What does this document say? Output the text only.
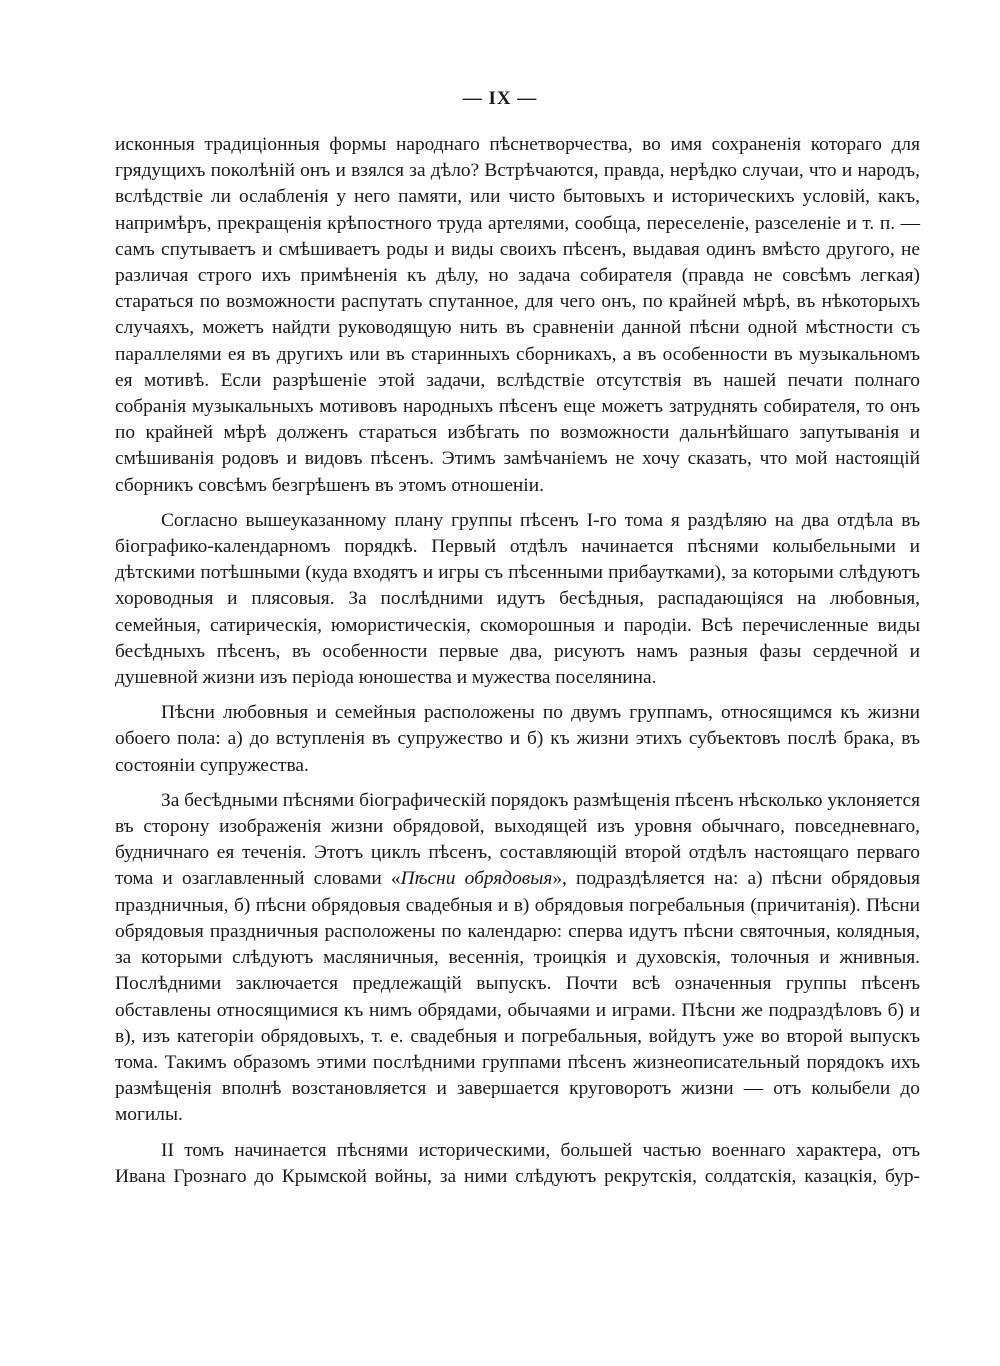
— IX —

исконныя традиціонныя формы народнаго пѣснетворчества, во имя сохраненія котораго для грядущихъ поколѣній онъ и взялся за дѣло? Встрѣчаются, правда, нерѣдко случаи, что и народъ, вслѣдствіе ли ослабленія у него памяти, или чисто бытовыхъ и историческихъ условій, какъ, напримѣръ, прекращенія крѣпостного труда артелями, сообща, переселеніе, разселеніе и т. п. — самъ спутываетъ и смѣшиваетъ роды и виды своихъ пѣсенъ, выдавая одинъ вмѣсто другого, не различая строго ихъ примѣненія къ дѣлу, но задача собирателя (правда не совсѣмъ легкая) стараться по возможности распутать спутанное, для чего онъ, по крайней мѣрѣ, въ нѣкоторыхъ случаяхъ, можетъ найдти руководящую нить въ сравненіи данной пѣсни одной мѣстности съ параллелями ея въ другихъ или въ старинныхъ сборникахъ, а въ особенности въ музыкальномъ ея мотивѣ. Если разрѣшеніе этой задачи, вслѣдствіе отсутствія въ нашей печати полнаго собранія музыкальныхъ мотивовъ народныхъ пѣсенъ еще можетъ затруднять собирателя, то онъ по крайней мѣрѣ долженъ стараться избѣгать по возможности дальнѣйшаго запутыванія и смѣшиванія родовъ и видовъ пѣсенъ. Этимъ замѣчаніемъ не хочу сказать, что мой настоящій сборникъ совсѣмъ безгрѣшенъ въ этомъ отношеніи.

Согласно вышеуказанному плану группы пѣсенъ I-го тома я раздѣляю на два отдѣла въ біографико-календарномъ порядкѣ. Первый отдѣлъ начинается пѣснями колыбельными и дѣтскими потѣшными (куда входятъ и игры съ пѣсенными прибаутками), за которыми слѣдуютъ хороводныя и плясовыя. За послѣдними идутъ бесѣдныя, распадающіяся на любовныя, семейныя, сатирическія, юмористическія, скоморошныя и пародіи. Всѣ перечисленные виды бесѣдныхъ пѣсенъ, въ особенности первые два, рисуютъ намъ разныя фазы сердечной и душевной жизни изъ періода юношества и мужества поселянина.

Пѣсни любовныя и семейныя расположены по двумъ группамъ, относящимся къ жизни обоего пола: а) до вступленія въ супружество и б) къ жизни этихъ субъектовъ послѣ брака, въ состояніи супружества.

За бесѣдными пѣснями біографическій порядокъ размѣщенія пѣсенъ нѣсколько уклоняется въ сторону изображенія жизни обрядовой, выходящей изъ уровня обычнаго, повседневнаго, будничнаго ея теченія. Этотъ циклъ пѣсенъ, составляющій второй отдѣлъ настоящаго перваго тома и озаглавленный словами «Пѣсни обрядовыя», подраздѣляется на: а) пѣсни обрядовыя праздничныя, б) пѣсни обрядовыя свадебныя и в) обрядовыя погребальныя (причитанія). Пѣсни обрядовыя праздничныя расположены по календарю: сперва идутъ пѣсни святочныя, колядныя, за которыми слѣдуютъ масляничныя, весеннія, троицкія и духовскія, толочныя и жнивныя. Послѣдними заключается предлежащій выпускъ. Почти всѣ означенныя группы пѣсенъ обставлены относящимися къ нимъ обрядами, обычаями и играми. Пѣсни же подраздѣловъ б) и в), изъ категоріи обрядовыхъ, т. е. свадебныя и погребальныя, войдутъ уже во второй выпускъ тома. Такимъ образомъ этими послѣдними группами пѣсенъ жизнеописательный порядокъ ихъ размѣщенія вполнѣ возстановляется и завершается круговоротъ жизни — отъ колыбели до могилы.

II томъ начинается пѣснями историческими, большей частью военнаго характера, отъ Ивана Грознаго до Крымской войны, за ними слѣдуютъ рекрутскія, солдатскія, казацкія, бур-
